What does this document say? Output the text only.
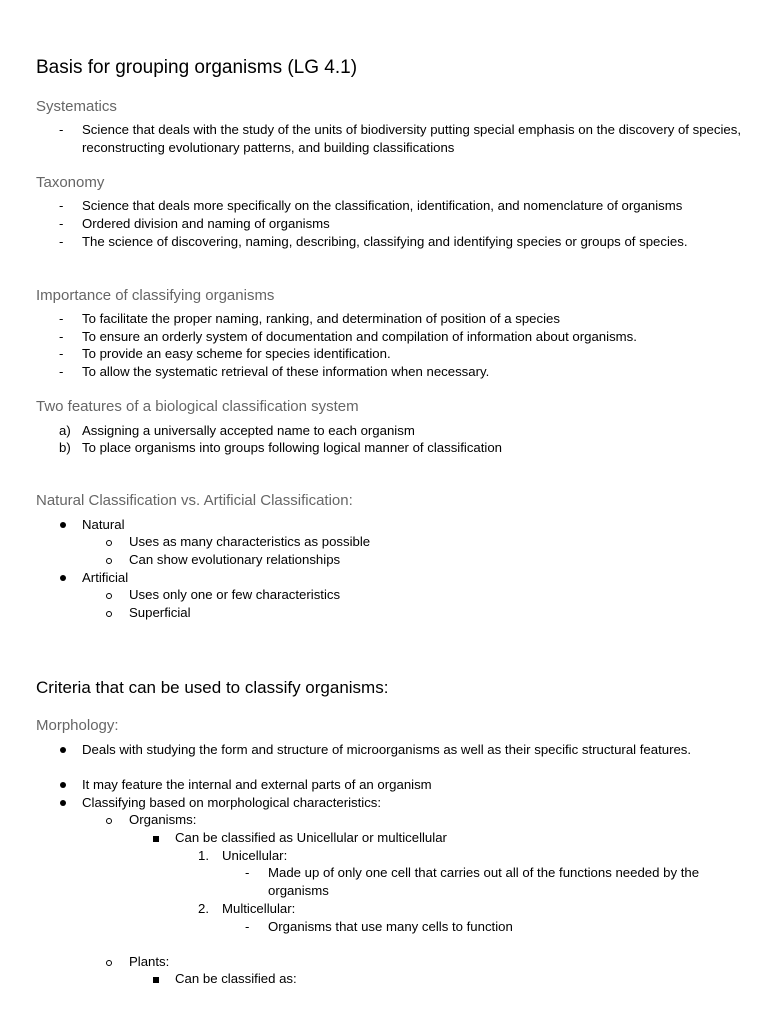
Basis for grouping organisms (LG 4.1)
Systematics
- Science that deals with the study of the units of biodiversity putting special emphasis on the discovery of species, reconstructing evolutionary patterns, and building classifications
Taxonomy
- Science that deals more specifically on the classification, identification, and nomenclature of organisms
- Ordered division and naming of organisms
- The science of discovering, naming, describing, classifying and identifying species or groups of species.
Importance of classifying organisms
- To facilitate the proper naming, ranking, and determination of position of a species
- To ensure an orderly system of documentation and compilation of information about organisms.
- To provide an easy scheme for species identification.
- To allow the systematic retrieval of these information when necessary.
Two features of a biological classification system
a) Assigning a universally accepted name to each organism
b) To place organisms into groups following logical manner of classification
Natural Classification vs. Artificial Classification:
Natural
Uses as many characteristics as possible
Can show evolutionary relationships
Artificial
Uses only one or few characteristics
Superficial
Criteria that can be used to classify organisms:
Morphology:
Deals with studying the form and structure of microorganisms as well as their specific structural features.
It may feature the internal and external parts of an organism
Classifying based on morphological characteristics:
Organisms:
Can be classified as Unicellular or multicellular
1. Unicellular:
- Made up of only one cell that carries out all of the functions needed by the organisms
2. Multicellular:
- Organisms that use many cells to function
Plants:
Can be classified as:
